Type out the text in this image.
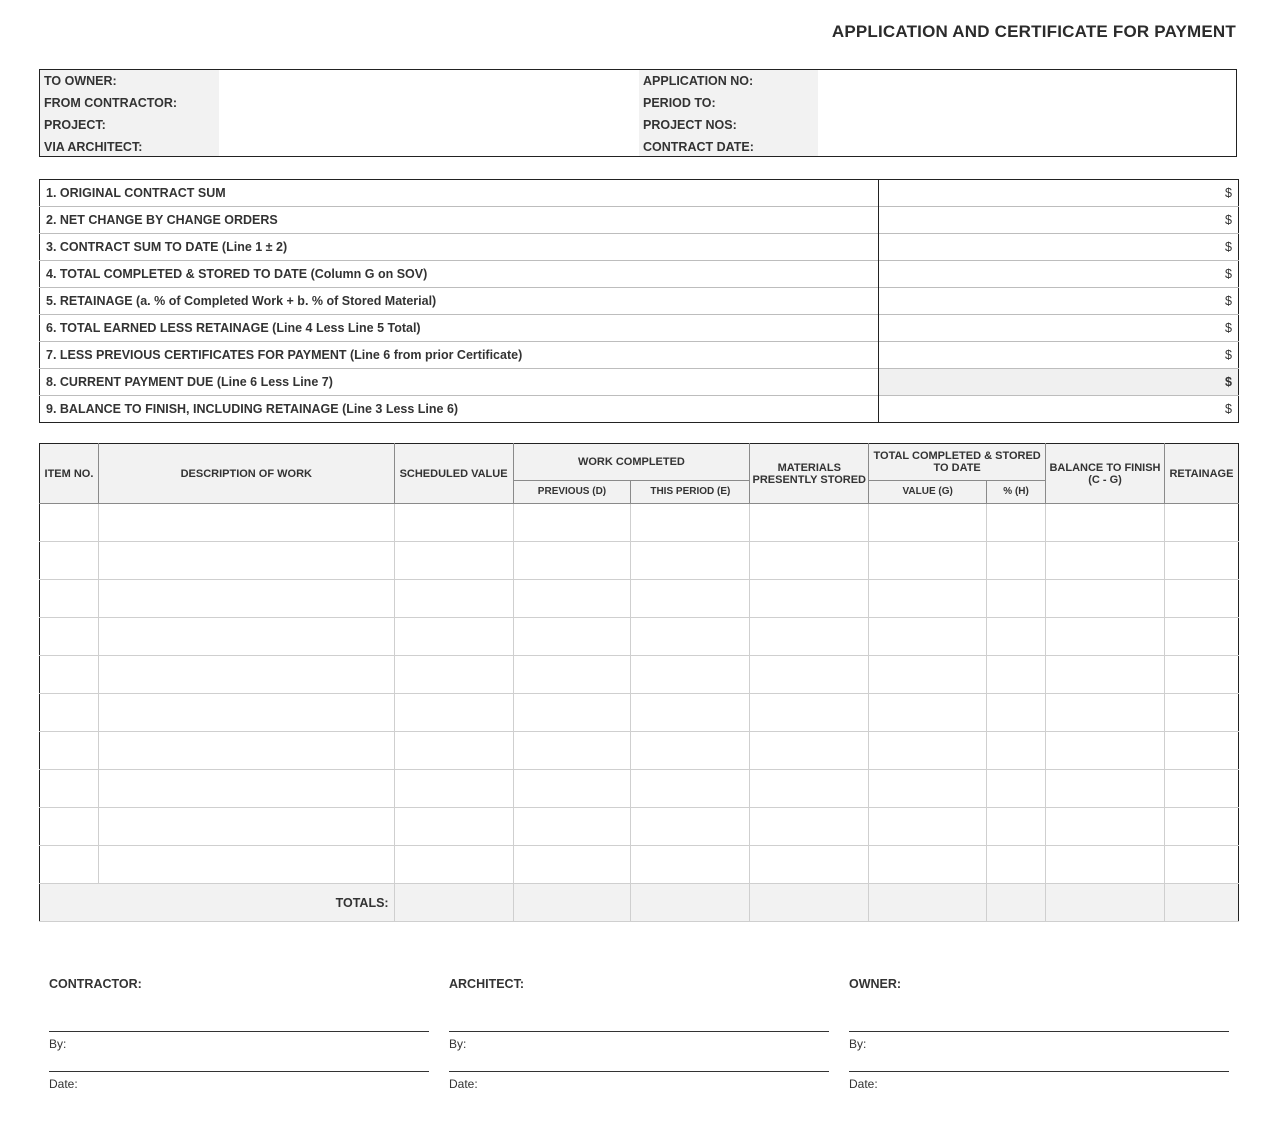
APPLICATION AND CERTIFICATE FOR PAYMENT
TO OWNER:
FROM CONTRACTOR:
PROJECT:
VIA ARCHITECT:
APPLICATION NO:
PERIOD TO:
PROJECT NOS:
CONTRACT DATE:
1. ORIGINAL CONTRACT SUM	$
2. NET CHANGE BY CHANGE ORDERS	$
3. CONTRACT SUM TO DATE (Line 1 ± 2)	$
4. TOTAL COMPLETED & STORED TO DATE (Column G on SOV)	$
5. RETAINAGE (a. % of Completed Work + b. % of Stored Material)	$
6. TOTAL EARNED LESS RETAINAGE (Line 4 Less Line 5 Total)	$
7. LESS PREVIOUS CERTIFICATES FOR PAYMENT (Line 6 from prior Certificate)	$
8. CURRENT PAYMENT DUE (Line 6 Less Line 7)	$
9. BALANCE TO FINISH, INCLUDING RETAINAGE (Line 3 Less Line 6)	$
ITEM NO.	DESCRIPTION OF WORK	SCHEDULED VALUE	WORK COMPLETED		MATERIALS PRESENTLY STORED	TOTAL COMPLETED & STORED TO DATE		BALANCE TO FINISH (C - G)	RETAINAGE
			PREVIOUS (D)	THIS PERIOD (E)		VALUE (G)	% (H)		

TOTALS:									
CONTRACTOR:
By:
Date:
ARCHITECT:
By:
Date:
OWNER:
By:
Date:
